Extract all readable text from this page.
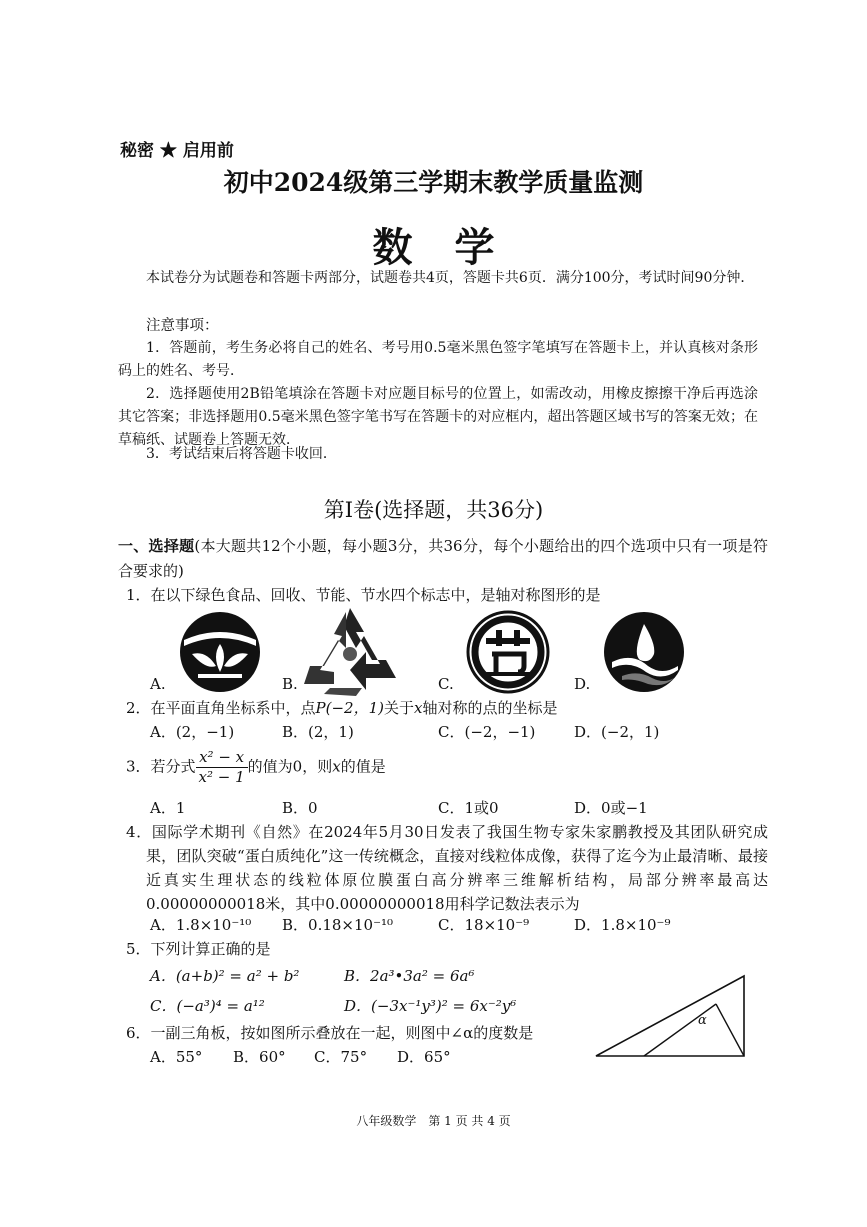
秘密 ★ 启用前
初中2024级第三学期末教学质量监测
数学
本试卷分为试题卷和答题卡两部分，试题卷共4页，答题卡共6页．满分100分，考试时间90分钟．
注意事项：
1．答题前，考生务必将自己的姓名、考号用0.5毫米黑色签字笔填写在答题卡上，并认真核对条形码上的姓名、考号．
2．选择题使用2B铅笔填涂在答题卡对应题目标号的位置上，如需改动，用橡皮擦擦干净后再选涂其它答案；非选择题用0.5毫米黑色签字笔书写在答题卡的对应框内，超出答题区域书写的答案无效；在草稿纸、试题卷上答题无效．
3．考试结束后将答题卡收回．
第Ⅰ卷(选择题，共36分)
一、选择题(本大题共12个小题，每小题3分，共36分，每个小题给出的四个选项中只有一项是符合要求的)
1．在以下绿色食品、回收、节能、节水四个标志中，是轴对称图形的是
A.	B.	C.	D.
2．在平面直角坐标系中，点P(−2，1)关于x轴对称的点的坐标是
A．(2，−1)	B．(2，1)	C．(−2，−1)	D．(−2，1)
3．若分式 $\frac{\text{x² − x}}{\text{x² − 1}}$ 的值为0，则x的值是
A．1	B．0	C．1或0	D．0或−1
4．国际学术期刊《自然》在2024年5月30日发表了我国生物专家朱家鹏教授及其团队研究成果，团队突破“蛋白质纯化”这一传统概念，直接对线粒体成像，获得了迄今为止最清晰、最接近真实生理状态的线粒体原位膜蛋白高分辨率三维解析结构，局部分辨率最高达0.00000000018米，其中0.00000000018用科学记数法表示为
A．1.8×10⁻¹⁰ B．0.18×10⁻¹⁰	C．18×10⁻⁹	D．1.8×10⁻⁹
5．下列计算正确的是
A．(a+b)² = a² + b²	B．2a³•3a² = 6a⁶
C．(−a³)⁴ = a¹²	D．(−3x⁻¹y³)² = 6x⁻²y⁶
6．一副三角板，按如图所示叠放在一起，则图中∠α的度数是
A．55° B．60° C．75° D．65°
α
八年级数学　第 1 页 共 4 页
